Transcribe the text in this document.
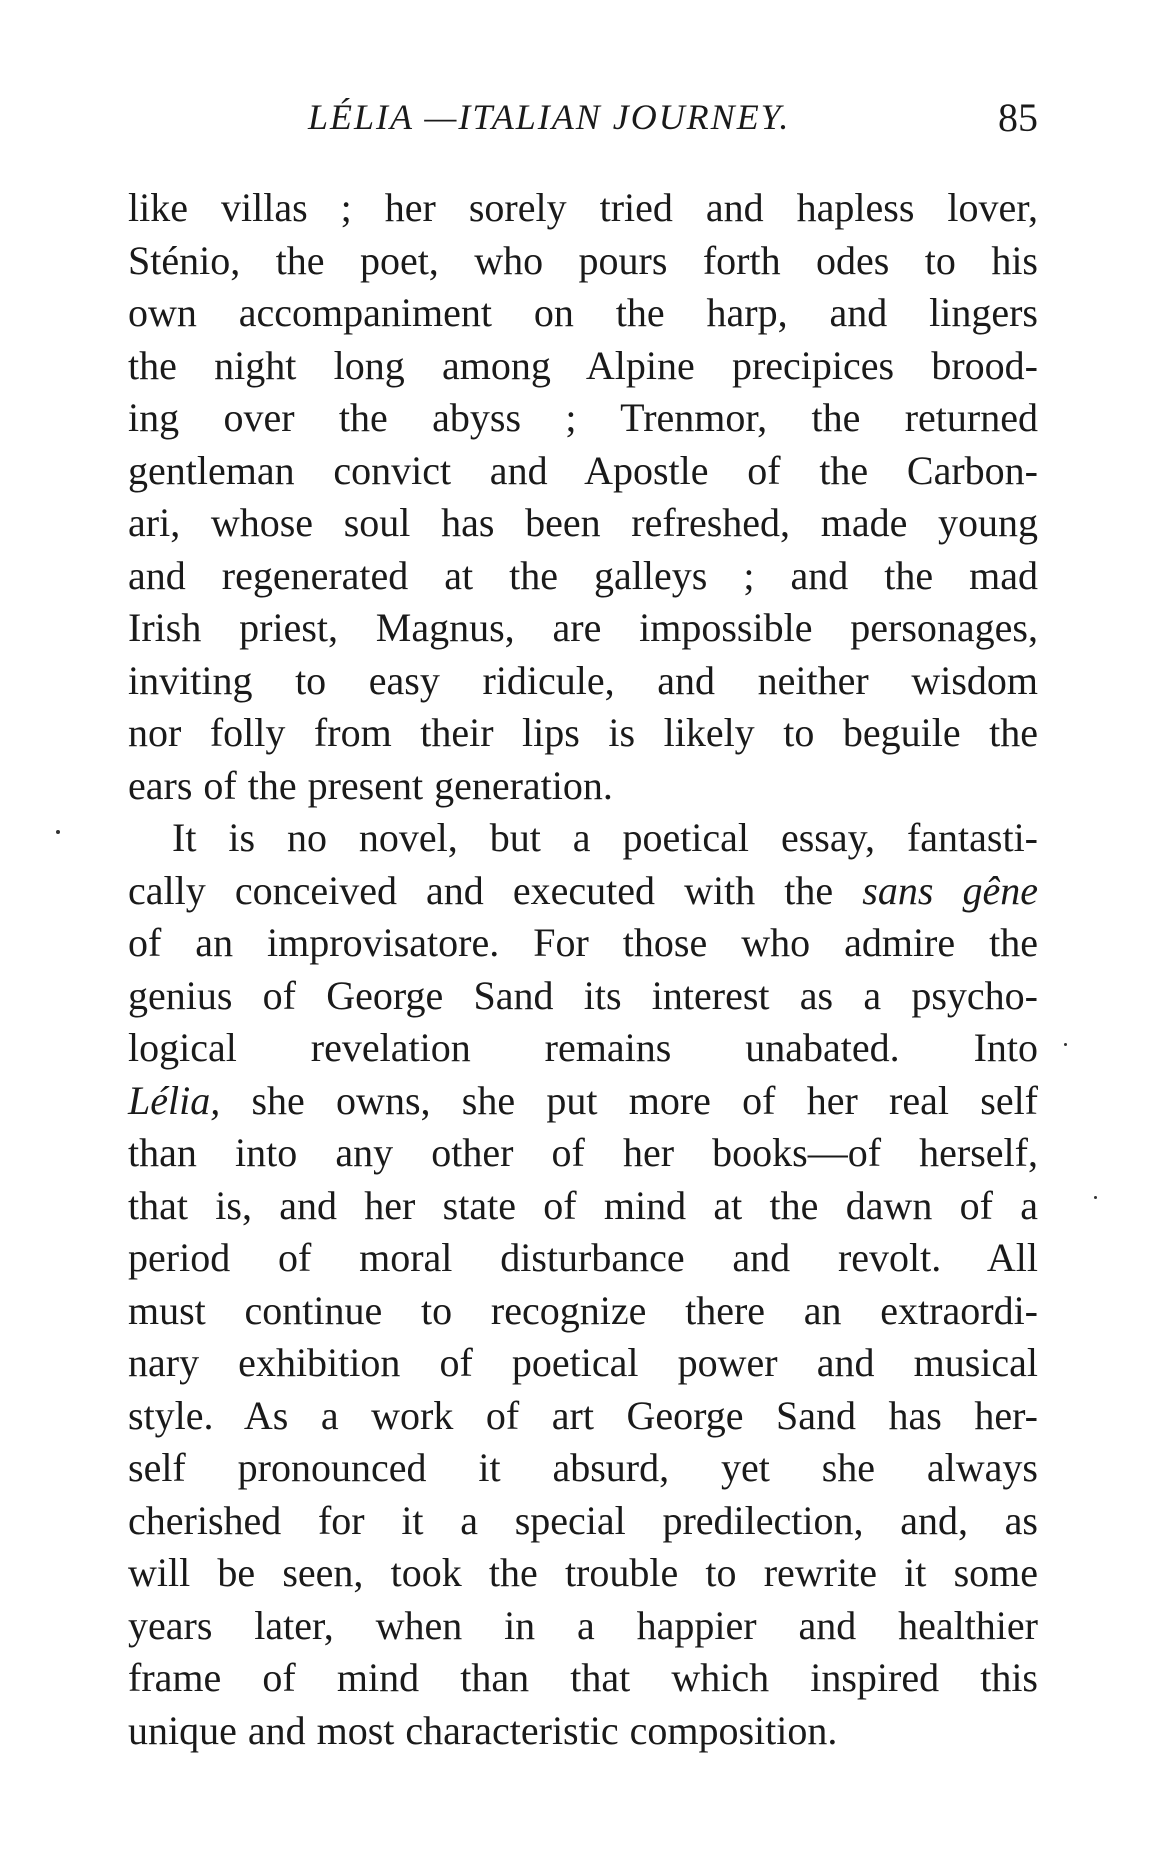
LÉLIA —ITALIAN JOURNEY.	85
like villas ; her sorely tried and hapless lover,
Sténio, the poet, who pours forth odes to his
own accompaniment on the harp, and lingers
the night long among Alpine precipices brood-
ing over the abyss ; Trenmor, the returned
gentleman convict and Apostle of the Carbon-
ari, whose soul has been refreshed, made young
and regenerated at the galleys ; and the mad
Irish priest, Magnus, are impossible personages,
inviting to easy ridicule, and neither wisdom
nor folly from their lips is likely to beguile the
ears of the present generation.
It is no novel, but a poetical essay, fantasti-
cally conceived and executed with the sans gêne
of an improvisatore. For those who admire the
genius of George Sand its interest as a psycho-
logical revelation remains unabated. Into
Lélia, she owns, she put more of her real self
than into any other of her books—of herself,
that is, and her state of mind at the dawn of a
period of moral disturbance and revolt. All
must continue to recognize there an extraordi-
nary exhibition of poetical power and musical
style. As a work of art George Sand has her-
self pronounced it absurd, yet she always
cherished for it a special predilection, and, as
will be seen, took the trouble to rewrite it some
years later, when in a happier and healthier
frame of mind than that which inspired this
unique and most characteristic composition.
